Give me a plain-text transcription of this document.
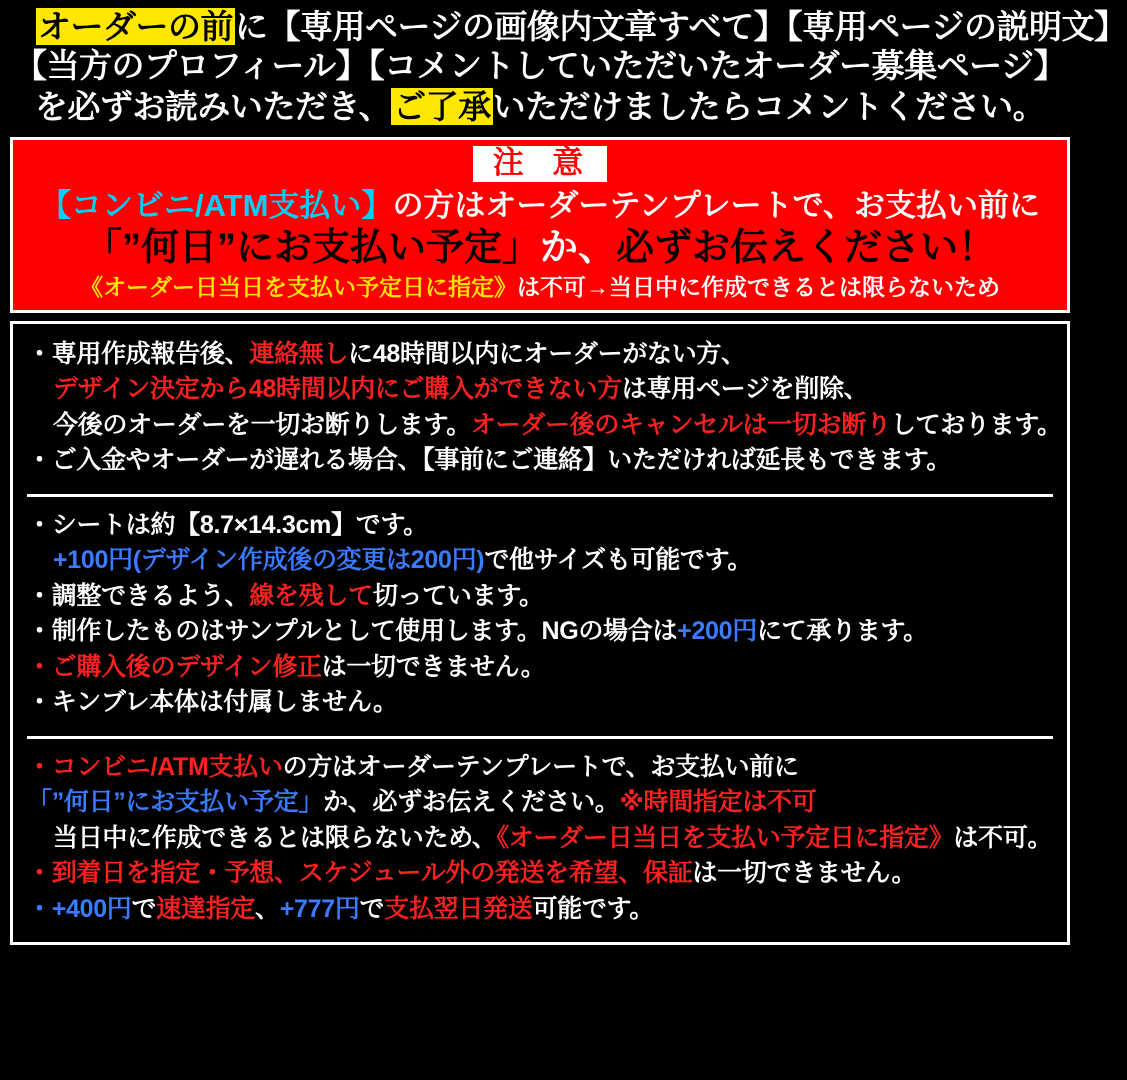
オーダーの前に【専用ページの画像内文章すべて】【専用ページの説明文】
【当方のプロフィール】【コメントしていただいたオーダー募集ページ】
を必ずお読みいただき、ご了承いただけましたらコメントください。
注 意
【コンビニ/ATM支払い】の方はオーダーテンプレートで、お支払い前に
「”何日”にお支払い予定」か、必ずお伝えください！
《オーダー日当日を支払い予定日に指定》は不可→当日中に作成できるとは限らないため
・専用作成報告後、連絡無しに48時間以内にオーダーがない方、
デザイン決定から48時間以内にご購入ができない方は専用ページを削除、
今後のオーダーを一切お断りします。オーダー後のキャンセルは一切お断りしております。
・ご入金やオーダーが遅れる場合、【事前にご連絡】いただければ延長もできます。
・シートは約【8.7×14.3cm】です。
+100円(デザイン作成後の変更は200円)で他サイズも可能です。
・調整できるよう、線を残して切っています。
・制作したものはサンプルとして使用します。NGの場合は+200円にて承ります。
・ご購入後のデザイン修正は一切できません。
・キンブレ本体は付属しません。
・コンビニ/ATM支払いの方はオーダーテンプレートで、お支払い前に
「”何日”にお支払い予定」か、必ずお伝えください。※時間指定は不可
当日中に作成できるとは限らないため、《オーダー日当日を支払い予定日に指定》は不可。
・到着日を指定・予想、スケジュール外の発送を希望、保証は一切できません。
・+400円で速達指定、+777円で支払翌日発送可能です。
